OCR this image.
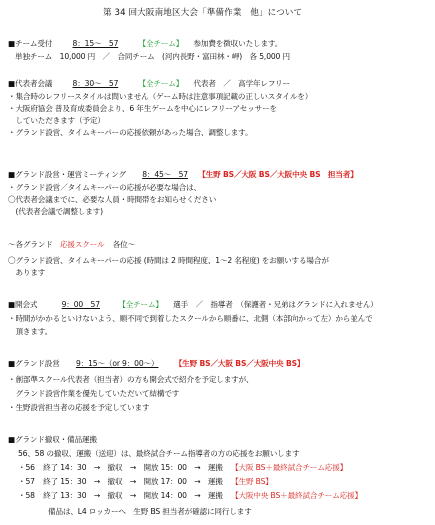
第 34 回大阪南地区大会「準備作業　他」について
■チーム受付	8：15～　57	【全チーム】 参加費を徴収いたします。
単独チーム　10,000 円　／　合同チーム　(河内長野・富田林・岬)　各 5,000 円
■代表者会議	8：30～　57	【全チーム】 代表者　／　高学年レフリー
・集合時のレフリースタイルは問いません（ゲーム時は注意事項記載の正しいスタイルを）
・大阪府協会 普及育成委員会より、6 年生ゲームを中心にレフリーアセッサーを
　していただきます（予定）
・グランド設営、タイムキーパーの応援依頼があった場合、調整します。
■グランド設営・運営ミーティング 8：45～　57 【生野 BS／大阪 BS／大阪中央 BS　担当者】
・グランド設営／タイムキーパーの応援が必要な場合は、
〇代表者会議までに、必要な人員・時間帯をお知らせください
　(代表者会議で調整します)
～各グランド 応援スクール 各位～
〇グランド設営、タイムキーパーの応援 (時間は 2 時間程度、1～2 名程度) をお願いする場合が
　あります
■開会式	9：00　57 【全チーム】 選手　／　指導者　（保護者・兄弟はグランドに入れません）
・時間がかかるといけないよう、順不同で到着したスクールから順番に、北側（本部向かって左）から並んで
　頂きます。
■グランド設営 9：15～（or 9：00～） 【生野 BS／大阪 BS／大阪中央 BS】
・創部準スクール代表者（担当者）の方も開会式で紹介を予定しますが、
　グランド設営作業を優先していただいて結構です
・生野設営担当者の応援を予定しています
■グランド撤収・備品運搬
56、58 の撤収、運搬（送迎）は、最終試合チーム指導者の方の応援をお願いします
・56 終了 14：30　→　撤収　→　開放 15：00　→　運搬 【大阪 BS＋最終試合チーム応援】
・57 終了 15：30　→　撤収　→　開放 17：00　→　運搬 【生野 BS】
・58 終了 13：30　→　撤収　→　開放 14：00　→　運搬 【大阪中央 BS＋最終試合チーム応援】
備品は、L4 ロッカーへ　生野 BS 担当者が確認に同行します
